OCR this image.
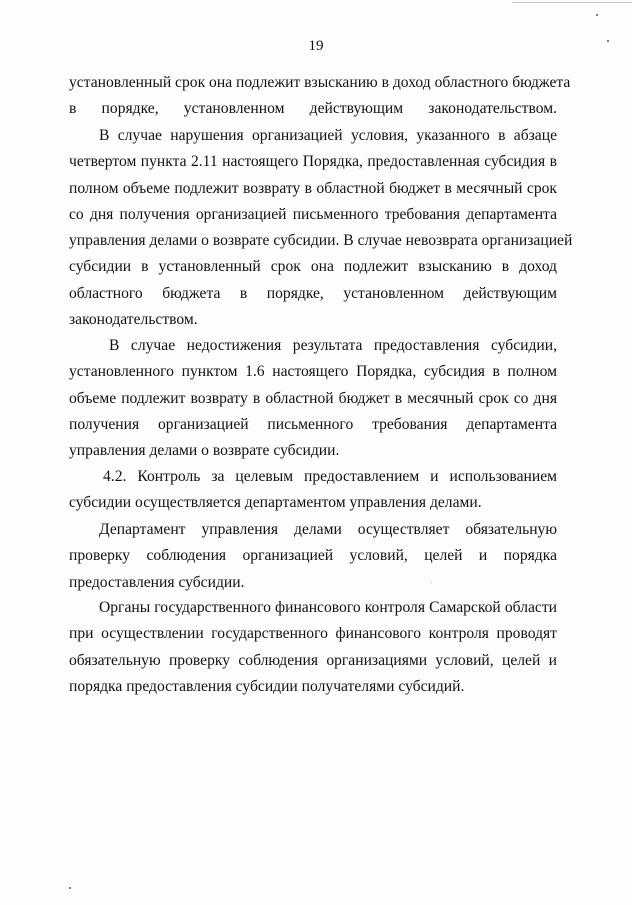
19
установленный срок она подлежит взысканию в доход областного бюджета
в порядке, установленном действующим законодательством.
В случае нарушения организацией условия, указанного в абзаце
четвертом пункта 2.11 настоящего Порядка, предоставленная субсидия в
полном объеме подлежит возврату в областной бюджет в месячный срок
со дня получения организацией письменного требования департамента
управления делами о возврате субсидии. В случае невозврата организацией
субсидии в установленный срок она подлежит взысканию в доход
областного бюджета в порядке, установленном действующим
законодательством.
В случае недостижения результата предоставления субсидии,
установленного пунктом 1.6 настоящего Порядка, субсидия в полном
объеме подлежит возврату в областной бюджет в месячный срок со дня
получения организацией письменного требования департамента
управления делами о возврате субсидии.
4.2. Контроль за целевым предоставлением и использованием
субсидии осуществляется департаментом управления делами.
Департамент управления делами осуществляет обязательную
проверку соблюдения организацией условий, целей и порядка
предоставления субсидии.
Органы государственного финансового контроля Самарской области
при осуществлении государственного финансового контроля проводят
обязательную проверку соблюдения организациями условий, целей и
порядка предоставления субсидии получателями субсидий.
